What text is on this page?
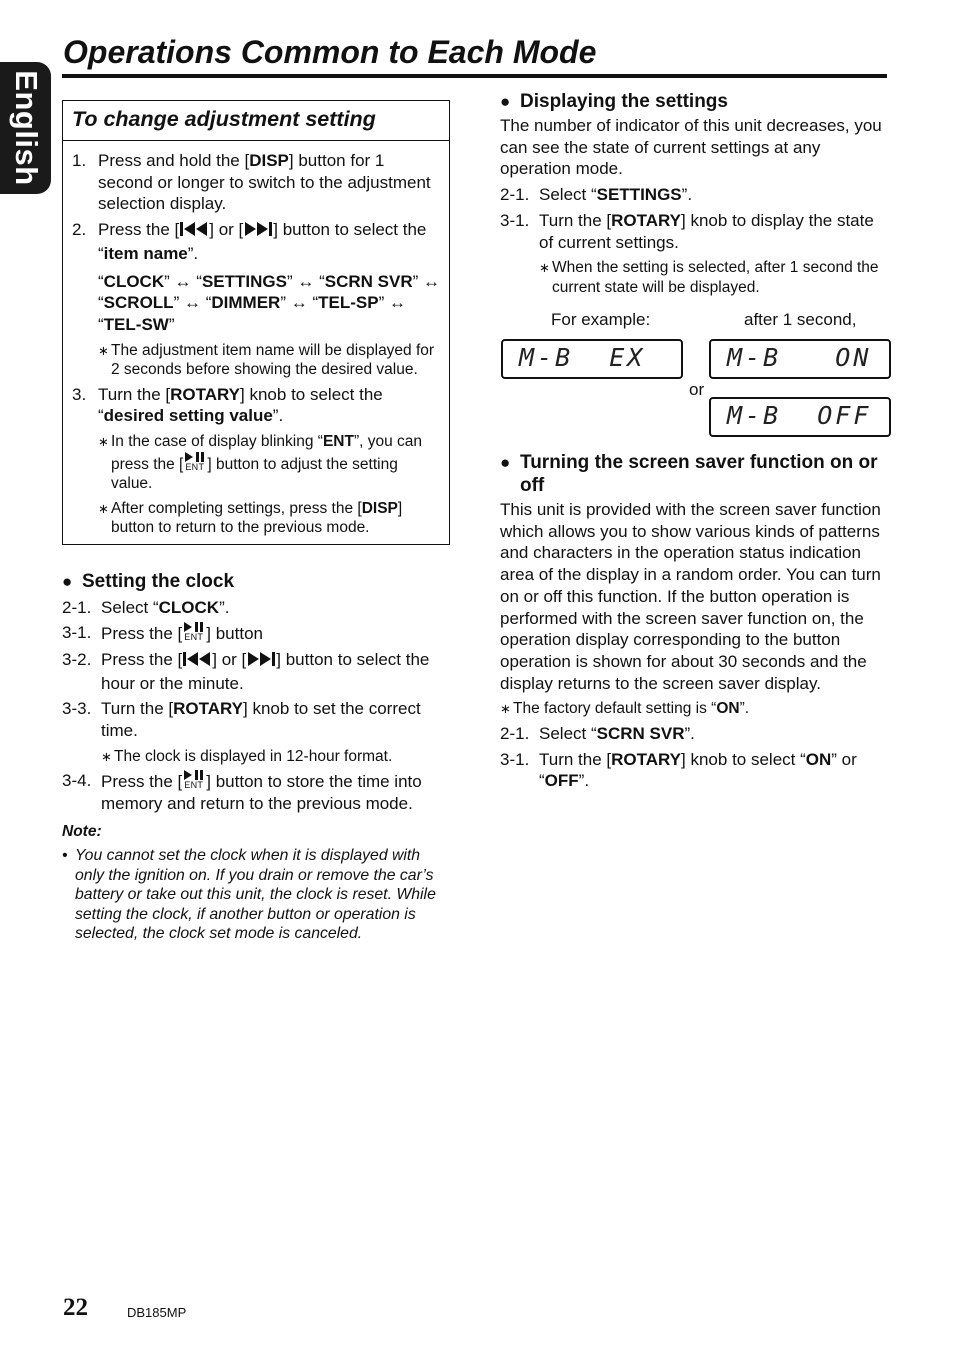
English
Operations Common to Each Mode
To change adjustment setting
1. Press and hold the [DISP] button for 1 second or longer to switch to the adjustment selection display.
2. Press the [ ] or [ ] button to select the “item name”.
“CLOCK” ↔ “SETTINGS” ↔ “SCRN SVR” ↔ “SCROLL” ↔ “DIMMER” ↔ “TEL-SP” ↔ “TEL-SW”
∗ The adjustment item name will be displayed for 2 seconds before showing the desired value.
3. Turn the [ROTARY] knob to select the “desired setting value”.
∗ In the case of display blinking “ENT”, you can press the [ ENT ] button to adjust the setting value.
∗ After completing settings, press the [DISP] button to return to the previous mode.
● Setting the clock
2-1. Select “CLOCK”.
3-1. Press the [ ENT ] button
3-2. Press the [ ] or [ ] button to select the hour or the minute.
3-3. Turn the [ROTARY] knob to set the correct time.
∗ The clock is displayed in 12-hour format.
3-4. Press the [ ENT ] button to store the time into memory and return to the previous mode.
Note:
• You cannot set the clock when it is displayed with only the ignition on. If you drain or remove the car’s battery or take out this unit, the clock is reset. While setting the clock, if another button or operation is selected, the clock set mode is canceled.
● Displaying the settings
The number of indicator of this unit decreases, you can see the state of current settings at any operation mode.
2-1. Select “SETTINGS”.
3-1. Turn the [ROTARY] knob to display the state of current settings.
∗ When the setting is selected, after 1 second the current state will be displayed.
For example:	after 1 second,
M-B  EX	M-B   ON
or
M-B  OFF
● Turning the screen saver function on or off
This unit is provided with the screen saver function which allows you to show various kinds of patterns and characters in the operation status indication area of the display in a random order. You can turn on or off this function. If the button operation is performed with the screen saver function on, the operation display corresponding to the button operation is shown for about 30 seconds and the display returns to the screen saver display.
∗ The factory default setting is “ON”.
2-1. Select “SCRN SVR”.
3-1. Turn the [ROTARY] knob to select “ON” or “OFF”.
22	DB185MP
